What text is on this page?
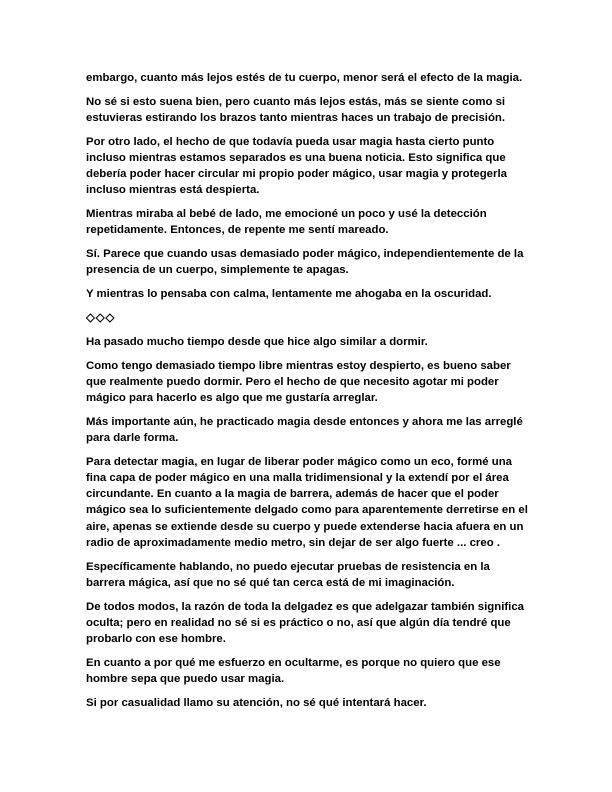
embargo, cuanto más lejos estés de tu cuerpo, menor será el efecto de la magia.

No sé si esto suena bien, pero cuanto más lejos estás, más se siente como si estuvieras estirando los brazos tanto mientras haces un trabajo de precisión.

Por otro lado, el hecho de que todavía pueda usar magia hasta cierto punto incluso mientras estamos separados es una buena noticia. Esto significa que debería poder hacer circular mi propio poder mágico, usar magia y protegerla incluso mientras está despierta.

Mientras miraba al bebé de lado, me emocioné un poco y usé la detección repetidamente. Entonces, de repente me sentí mareado.

Sí. Parece que cuando usas demasiado poder mágico, independientemente de la presencia de un cuerpo, simplemente te apagas.

Y mientras lo pensaba con calma, lentamente me ahogaba en la oscuridad.

◇◇◇

Ha pasado mucho tiempo desde que hice algo similar a dormir.

Como tengo demasiado tiempo libre mientras estoy despierto, es bueno saber que realmente puedo dormir. Pero el hecho de que necesito agotar mi poder mágico para hacerlo es algo que me gustaría arreglar.

Más importante aún, he practicado magia desde entonces y ahora me las arreglé para darle forma.

Para detectar magia, en lugar de liberar poder mágico como un eco, formé una fina capa de poder mágico en una malla tridimensional y la extendí por el área circundante. En cuanto a la magia de barrera, además de hacer que el poder mágico sea lo suficientemente delgado como para aparentemente derretirse en el aire, apenas se extiende desde su cuerpo y puede extenderse hacia afuera en un radio de aproximadamente medio metro, sin dejar de ser algo fuerte ... creo .

Específicamente hablando, no puedo ejecutar pruebas de resistencia en la barrera mágica, así que no sé qué tan cerca está de mi imaginación.

De todos modos, la razón de toda la delgadez es que adelgazar también significa oculta; pero en realidad no sé si es práctico o no, así que algún día tendré que probarlo con ese hombre.

En cuanto a por qué me esfuerzo en ocultarme, es porque no quiero que ese hombre sepa que puedo usar magia.

Si por casualidad llamo su atención, no sé qué intentará hacer.
